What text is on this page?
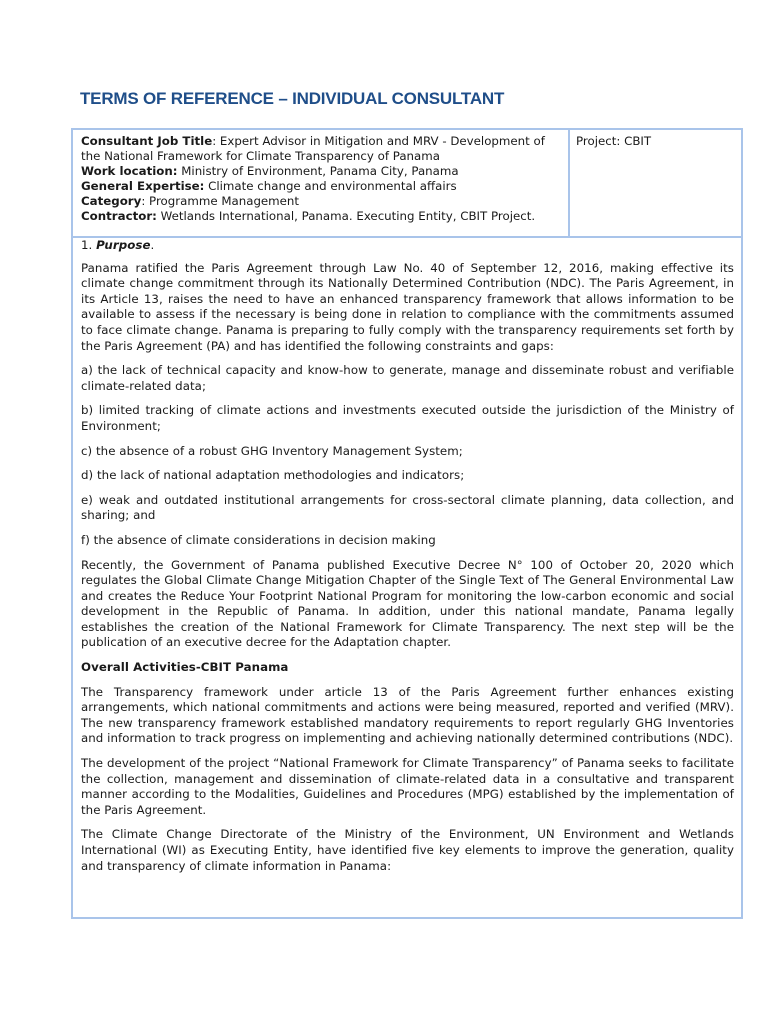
TERMS OF REFERENCE – INDIVIDUAL CONSULTANT
Consultant Job Title: Expert Advisor in Mitigation and MRV - Development of
the National Framework for Climate Transparency of Panama
Work location: Ministry of Environment, Panama City, Panama
General Expertise: Climate change and environmental affairs
Category: Programme Management
Contractor: Wetlands International, Panama. Executing Entity, CBIT Project.
Project: CBIT

1. Purpose.

Panama ratified the Paris Agreement through Law No. 40 of September 12, 2016, making effective its climate change commitment through its Nationally Determined Contribution (NDC). The Paris Agreement, in its Article 13, raises the need to have an enhanced transparency framework that allows information to be available to assess if the necessary is being done in relation to compliance with the commitments assumed to face climate change. Panama is preparing to fully comply with the transparency requirements set forth by the Paris Agreement (PA) and has identified the following constraints and gaps:

a) the lack of technical capacity and know-how to generate, manage and disseminate robust and verifiable climate-related data;

b) limited tracking of climate actions and investments executed outside the jurisdiction of the Ministry of Environment;

c) the absence of a robust GHG Inventory Management System;

d) the lack of national adaptation methodologies and indicators;

e) weak and outdated institutional arrangements for cross-sectoral climate planning, data collection, and sharing; and

f) the absence of climate considerations in decision making

Recently, the Government of Panama published Executive Decree N° 100 of October 20, 2020 which regulates the Global Climate Change Mitigation Chapter of the Single Text of The General Environmental Law and creates the Reduce Your Footprint National Program for monitoring the low-carbon economic and social development in the Republic of Panama. In addition, under this national mandate, Panama legally establishes the creation of the National Framework for Climate Transparency. The next step will be the publication of an executive decree for the Adaptation chapter.

Overall Activities-CBIT Panama

The Transparency framework under article 13 of the Paris Agreement further enhances existing arrangements, which national commitments and actions were being measured, reported and verified (MRV). The new transparency framework established mandatory requirements to report regularly GHG Inventories and information to track progress on implementing and achieving nationally determined contributions (NDC).

The development of the project “National Framework for Climate Transparency” of Panama seeks to facilitate the collection, management and dissemination of climate-related data in a consultative and transparent manner according to the Modalities, Guidelines and Procedures (MPG) established by the implementation of the Paris Agreement.

The Climate Change Directorate of the Ministry of the Environment, UN Environment and Wetlands International (WI) as Executing Entity, have identified five key elements to improve the generation, quality and transparency of climate information in Panama:
